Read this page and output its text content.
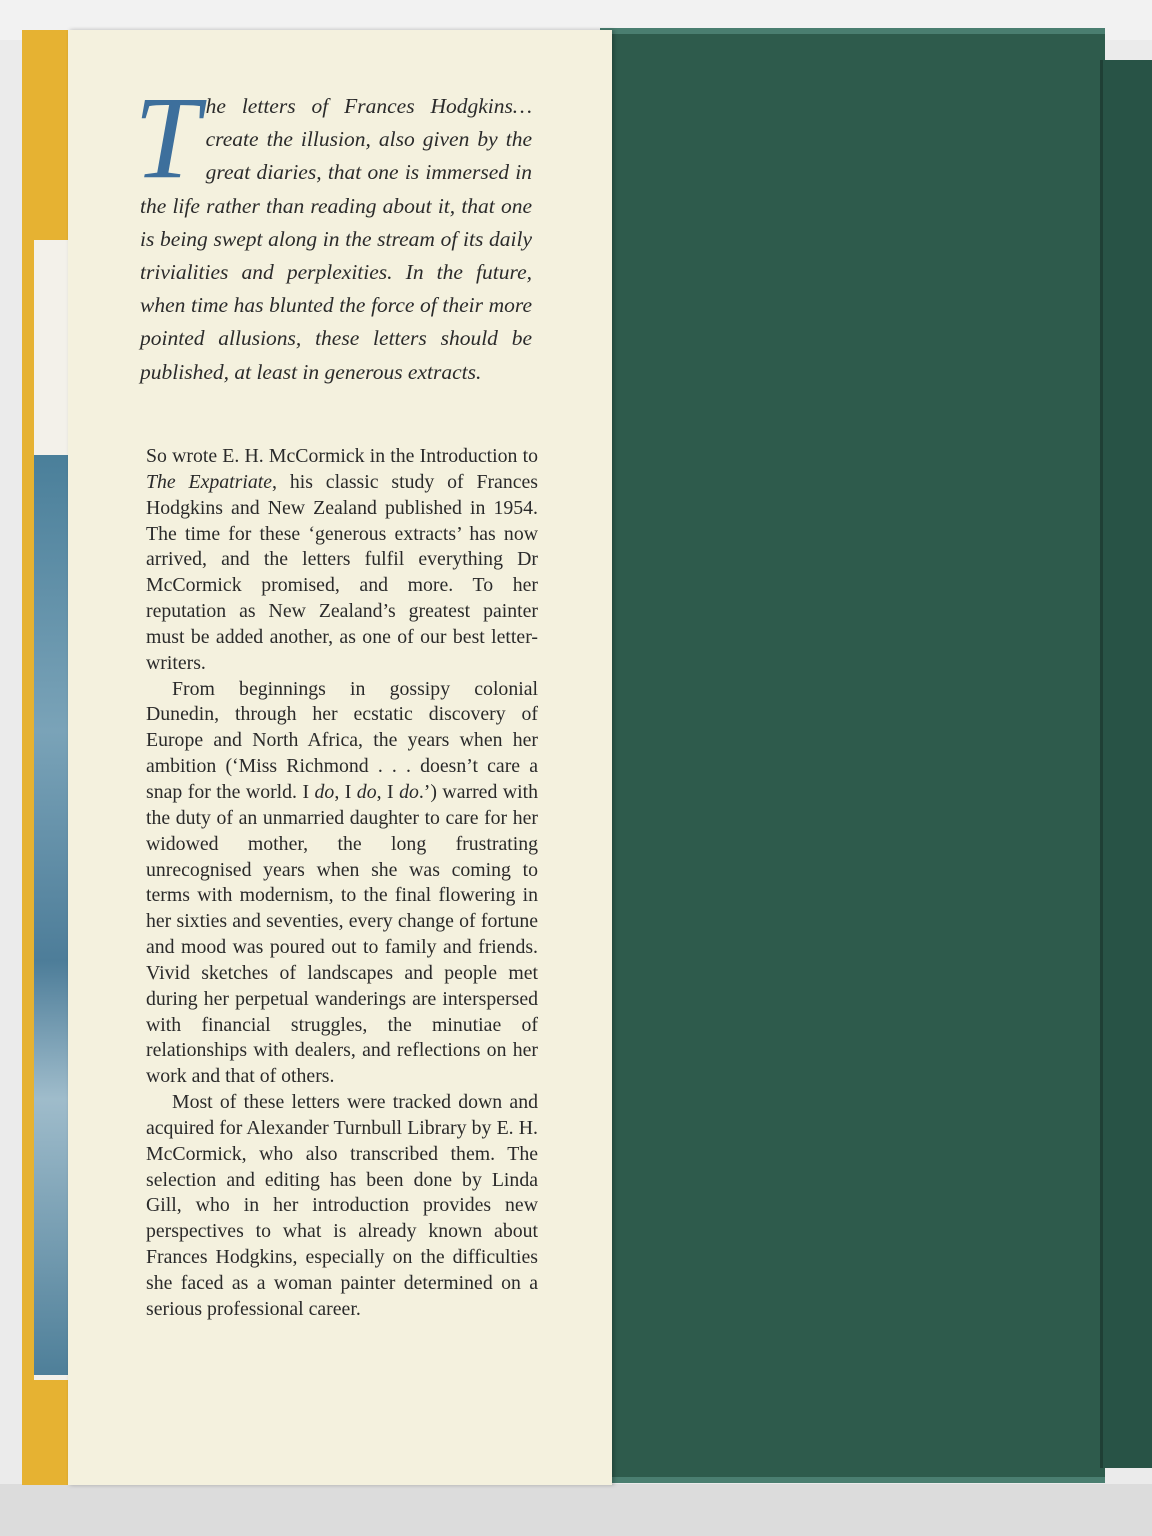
The letters of Frances Hodgkins… create the illusion, also given by the great diaries, that one is immersed in the life rather than reading about it, that one is being swept along in the stream of its daily trivialities and perplexities. In the future, when time has blunted the force of their more pointed allusions, these letters should be published, at least in generous extracts.

So wrote E. H. McCormick in the Introduction to The Expatriate, his classic study of Frances Hodgkins and New Zealand published in 1954. The time for these ‘generous extracts’ has now arrived, and the letters fulfil everything Dr McCormick promised, and more. To her reputation as New Zealand’s greatest painter must be added another, as one of our best letter-writers.

From beginnings in gossipy colonial Dunedin, through her ecstatic discovery of Europe and North Africa, the years when her ambition (‘Miss Richmond . . . doesn’t care a snap for the world. I do, I do, I do.’) warred with the duty of an unmarried daughter to care for her widowed mother, the long frustrating unrecognised years when she was coming to terms with modernism, to the final flowering in her sixties and seventies, every change of fortune and mood was poured out to family and friends. Vivid sketches of landscapes and people met during her perpetual wanderings are interspersed with financial struggles, the minutiae of relationships with dealers, and reflections on her work and that of others.

Most of these letters were tracked down and acquired for Alexander Turnbull Library by E. H. McCormick, who also transcribed them. The selection and editing has been done by Linda Gill, who in her introduction provides new perspectives to what is already known about Frances Hodgkins, especially on the difficulties she faced as a woman painter determined on a serious professional career.
